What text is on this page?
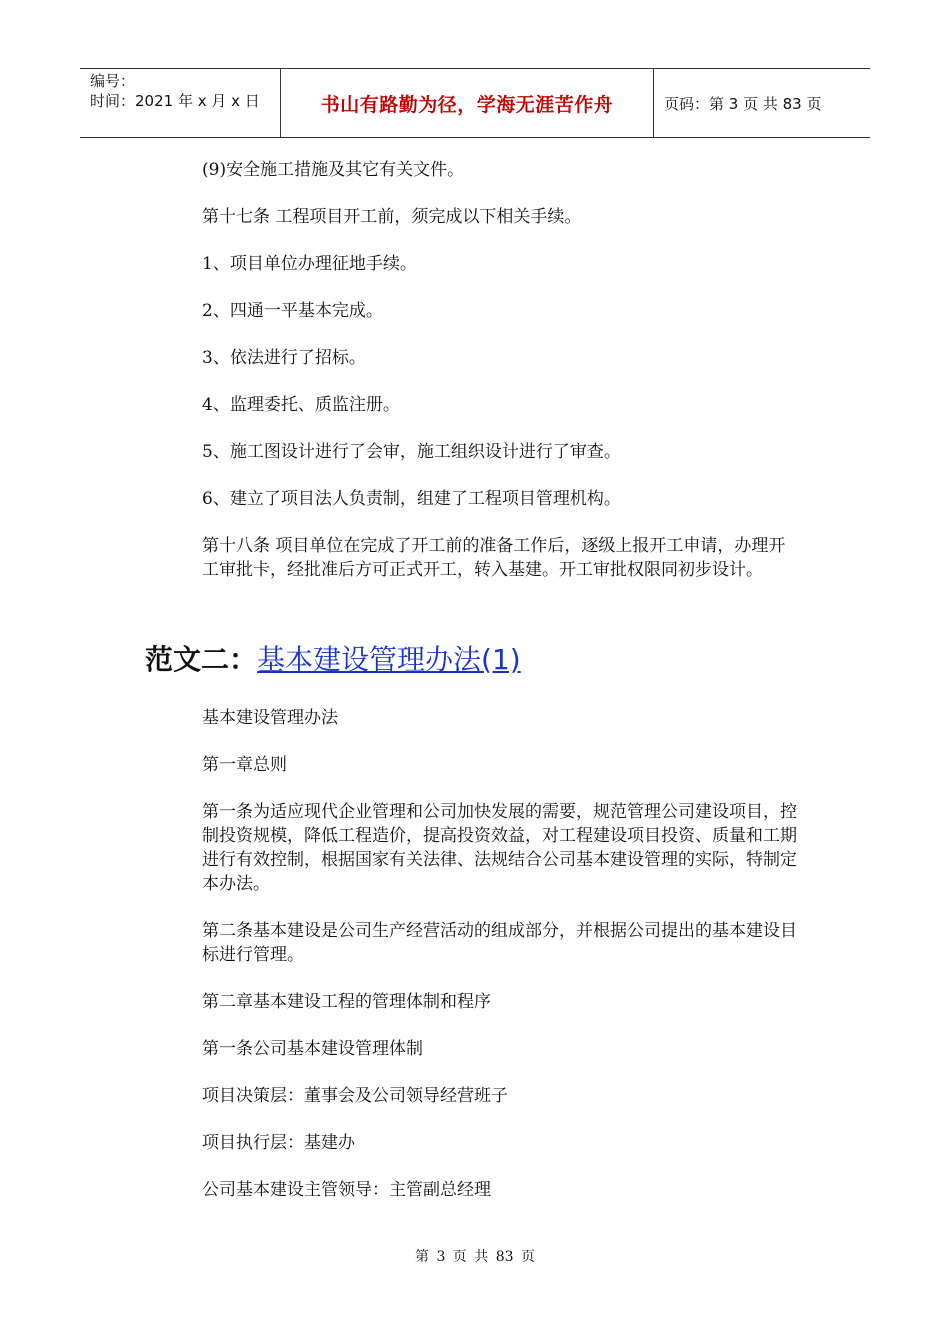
编号：
时间：2021 年 x 月 x 日	书山有路勤为径，学海无涯苦作舟	页码：第 3 页 共 83 页

(9)安全施工措施及其它有关文件。

第十七条 工程项目开工前，须完成以下相关手续。

1、项目单位办理征地手续。

2、四通一平基本完成。

3、依法进行了招标。

4、监理委托、质监注册。

5、施工图设计进行了会审，施工组织设计进行了审查。

6、建立了项目法人负责制，组建了工程项目管理机构。

第十八条 项目单位在完成了开工前的准备工作后，逐级上报开工申请，办理开工审批卡，经批准后方可正式开工，转入基建。开工审批权限同初步设计。

范文二：基本建设管理办法(1)

基本建设管理办法

第一章总则

第一条为适应现代企业管理和公司加快发展的需要，规范管理公司建设项目，控制投资规模，降低工程造价，提高投资效益，对工程建设项目投资、质量和工期进行有效控制，根据国家有关法律、法规结合公司基本建设管理的实际，特制定本办法。

第二条基本建设是公司生产经营活动的组成部分，并根据公司提出的基本建设目标进行管理。

第二章基本建设工程的管理体制和程序

第一条公司基本建设管理体制

项目决策层：董事会及公司领导经营班子

项目执行层：基建办

公司基本建设主管领导：主管副总经理

第 3 页 共 83 页
